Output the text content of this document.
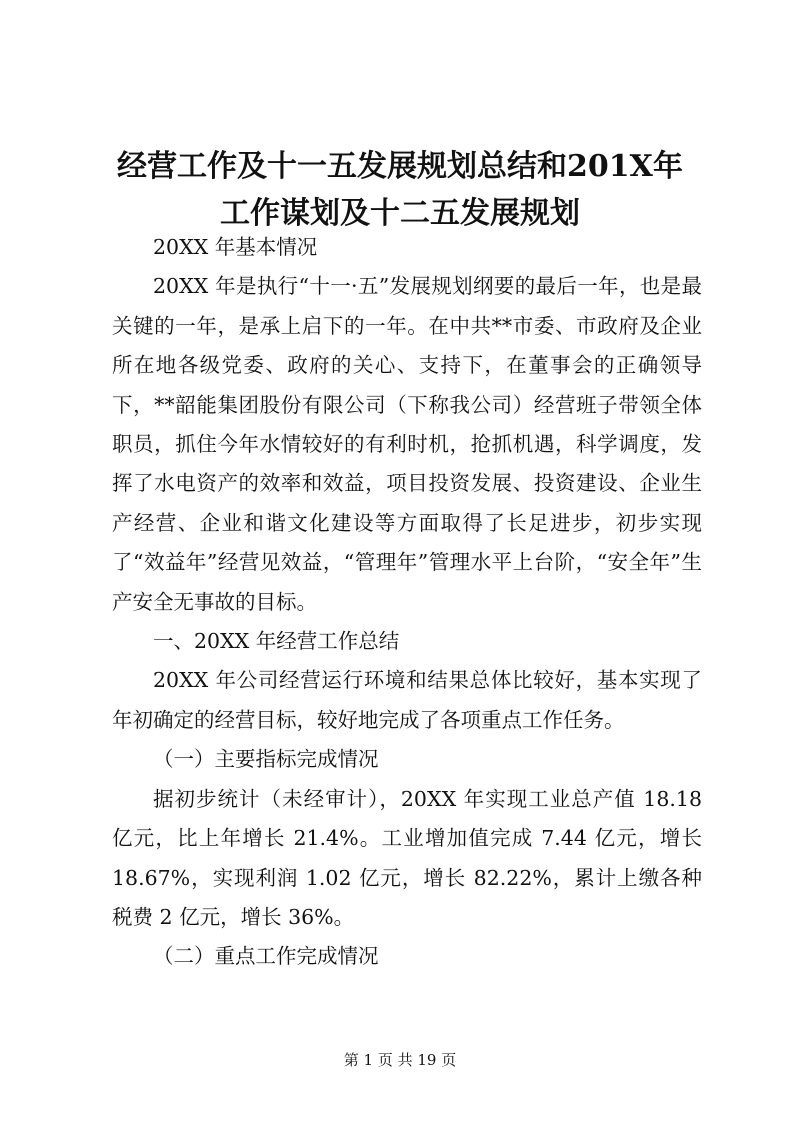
经营工作及十一五发展规划总结和201X年工作谋划及十二五发展规划

20XX 年基本情况

20XX 年是执行“十一·五”发展规划纲要的最后一年，也是最关键的一年，是承上启下的一年。在中共**市委、市政府及企业所在地各级党委、政府的关心、支持下，在董事会的正确领导下，**韶能集团股份有限公司（下称我公司）经营班子带领全体职员，抓住今年水情较好的有利时机，抢抓机遇，科学调度，发挥了水电资产的效率和效益，项目投资发展、投资建设、企业生产经营、企业和谐文化建设等方面取得了长足进步，初步实现了“效益年”经营见效益，“管理年”管理水平上台阶，“安全年”生产安全无事故的目标。

一、20XX 年经营工作总结

20XX 年公司经营运行环境和结果总体比较好，基本实现了年初确定的经营目标，较好地完成了各项重点工作任务。

（一）主要指标完成情况

据初步统计（未经审计），20XX 年实现工业总产值 18.18 亿元，比上年增长 21.4%。工业增加值完成 7.44 亿元，增长 18.67%，实现利润 1.02 亿元，增长 82.22%，累计上缴各种税费 2 亿元，增长 36%。

（二）重点工作完成情况

第 1 页 共 19 页
